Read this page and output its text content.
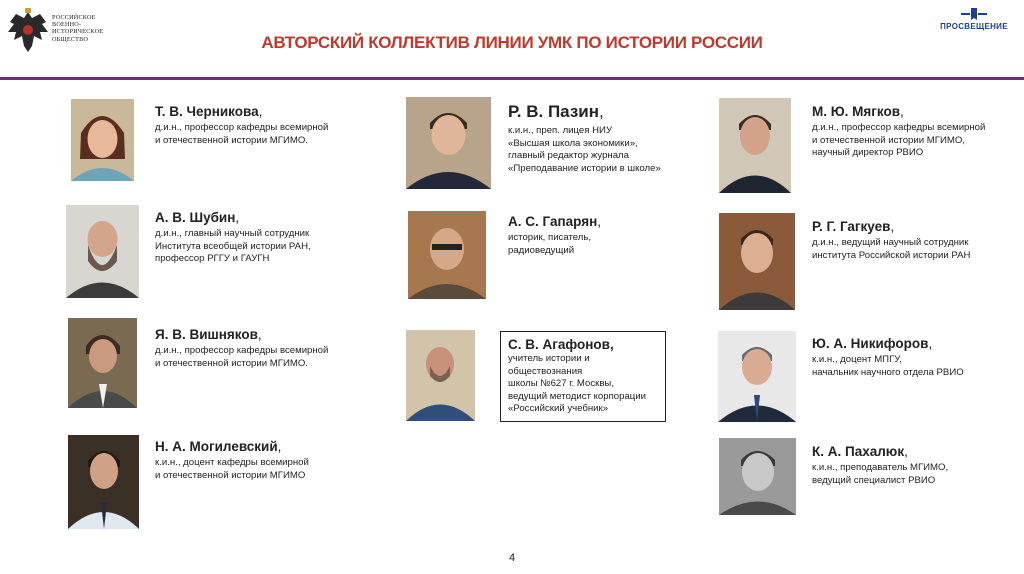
РОССИЙСКОЕ ВОЕННО-ИСТОРИЧЕСКОЕ ОБЩЕСТВО	АВТОРСКИЙ КОЛЛЕКТИВ ЛИНИИ УМК ПО ИСТОРИИ РОССИИ
ПРОСВЕЩЕНИЕ
Т. В. Черникова,
д.и.н., профессор кафедры всемирной
и отечественной истории МГИМО.
А. В. Шубин,
д.и.н., главный научный сотрудник
Института всеобщей истории РАН,
профессор РГГУ и ГАУГН
Я. В. Вишняков,
д.и.н., профессор кафедры всемирной
и отечественной истории МГИМО.
Н. А. Могилевский,
к.и.н., доцент кафедры всемирной
и отечественной истории МГИМО
Р. В. Пазин,
к.и.н., преп. лицея НИУ
«Высшая школа экономики»,
главный редактор журнала
«Преподавание истории в школе»
А. С. Гапарян,
историк, писатель,
радиоведущий
С. В. Агафонов,
учитель истории и
обществознания
школы №627 г. Москвы,
ведущий методист корпорации
«Российский учебник»
М. Ю. Мягков,
д.и.н., профессор кафедры всемирной
и отечественной истории МГИМО,
научный директор РВИО
Р. Г. Гагкуев,
д.и.н., ведущий научный сотрудник
института Российской истории РАН
Ю. А. Никифоров,
к.и.н., доцент МПГУ,
начальник научного отдела РВИО
К. А. Пахалюк,
к.и.н., преподаватель МГИМО,
ведущий специалист РВИО
4
